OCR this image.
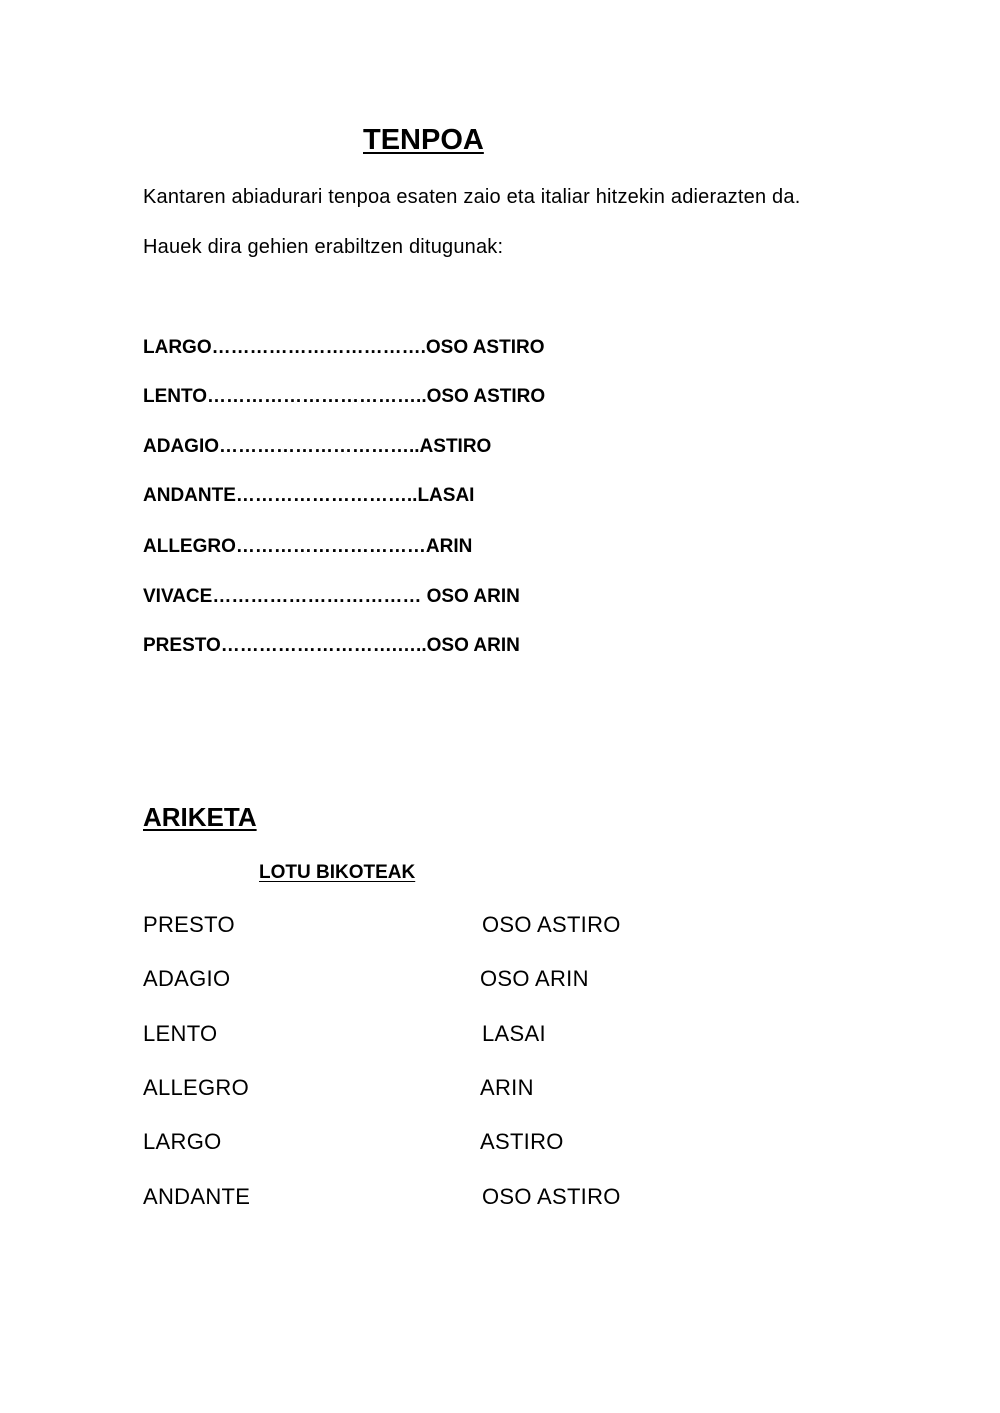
TENPOA
Kantaren abiadurari tenpoa esaten zaio eta italiar hitzekin adierazten da.
Hauek dira gehien erabiltzen ditugunak:
LARGO…………………………….OSO ASTIRO
LENTO……………………………..OSO ASTIRO
ADAGIO…………………………..ASTIRO
ANDANTE………………………..LASAI
ALLEGRO…………………………ARIN
VIVACE…………………………… OSO ARIN
PRESTO……………………….…..OSO ARIN
ARIKETA
LOTU BIKOTEAK
PRESTO	OSO ASTIRO
ADAGIO	OSO ARIN
LENTO	LASAI
ALLEGRO	ARIN
LARGO	ASTIRO
ANDANTE	OSO ASTIRO
